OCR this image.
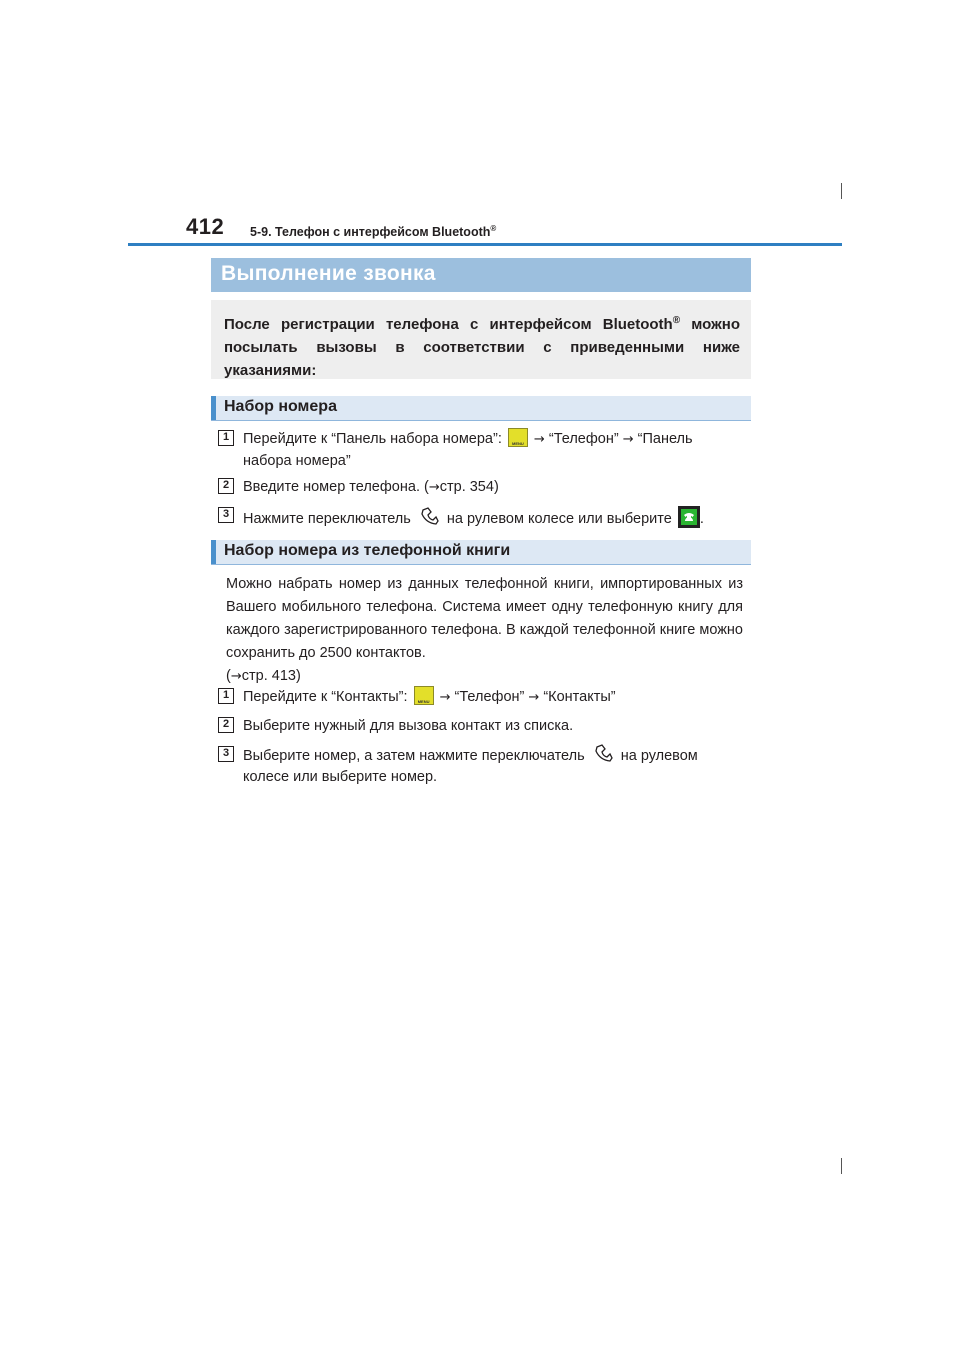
412 5-9. Телефон с интерфейсом Bluetooth®
Выполнение звонка

После регистрации телефона с интерфейсом Bluetooth® можно посылать вызовы в соответствии с приведенными ниже указаниями:

Набор номера
1 Перейдите к “Панель набора номера”:	MENU → “Телефон” → “Панель
набора номера”
2 Введите номер телефона. (→стр. 354)
3 Нажмите переключатель на рулевом колесе или выберите .
Набор номера из телефонной книги
Можно набрать номер из данных телефонной книги, импортированных из Вашего мобильного телефона. Система имеет одну телефонную книгу для каждого зарегистрированного телефона. В каждой телефонной книге можно сохранить до 2500 контактов.
(→стр. 413)
1 Перейдите к “Контакты”:	MENU → “Телефон” → “Контакты”
2 Выберите нужный для вызова контакт из списка.
3 Выберите номер, а затем нажмите переключатель на рулевом
колесе или выберите номер.
